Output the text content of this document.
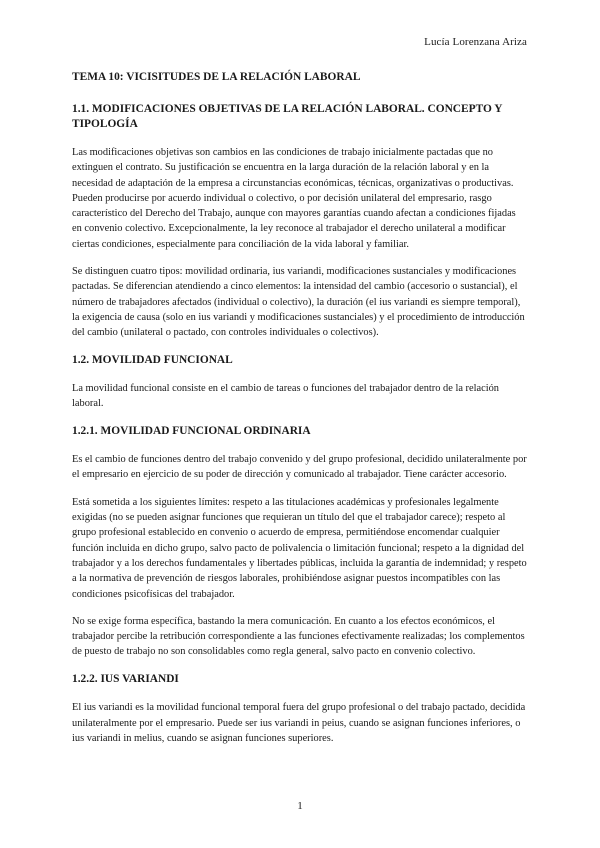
Lucía Lorenzana Ariza
TEMA 10: VICISITUDES DE LA RELACIÓN LABORAL
1.1. MODIFICACIONES OBJETIVAS DE LA RELACIÓN LABORAL. CONCEPTO Y TIPOLOGÍA

Las modificaciones objetivas son cambios en las condiciones de trabajo inicialmente pactadas que no extinguen el contrato. Su justificación se encuentra en la larga duración de la relación laboral y en la necesidad de adaptación de la empresa a circunstancias económicas, técnicas, organizativas o productivas. Pueden producirse por acuerdo individual o colectivo, o por decisión unilateral del empresario, rasgo característico del Derecho del Trabajo, aunque con mayores garantías cuando afectan a condiciones fijadas en convenio colectivo. Excepcionalmente, la ley reconoce al trabajador el derecho unilateral a modificar ciertas condiciones, especialmente para conciliación de la vida laboral y familiar.

Se distinguen cuatro tipos: movilidad ordinaria, ius variandi, modificaciones sustanciales y modificaciones pactadas. Se diferencian atendiendo a cinco elementos: la intensidad del cambio (accesorio o sustancial), el número de trabajadores afectados (individual o colectivo), la duración (el ius variandi es siempre temporal), la exigencia de causa (solo en ius variandi y modificaciones sustanciales) y el procedimiento de introducción del cambio (unilateral o pactado, con controles individuales o colectivos).

1.2. MOVILIDAD FUNCIONAL

La movilidad funcional consiste en el cambio de tareas o funciones del trabajador dentro de la relación laboral.

1.2.1. MOVILIDAD FUNCIONAL ORDINARIA

Es el cambio de funciones dentro del trabajo convenido y del grupo profesional, decidido unilateralmente por el empresario en ejercicio de su poder de dirección y comunicado al trabajador. Tiene carácter accesorio.

Está sometida a los siguientes límites: respeto a las titulaciones académicas y profesionales legalmente exigidas (no se pueden asignar funciones que requieran un título del que el trabajador carece); respeto al grupo profesional establecido en convenio o acuerdo de empresa, permitiéndose encomendar cualquier función incluida en dicho grupo, salvo pacto de polivalencia o limitación funcional; respeto a la dignidad del trabajador y a los derechos fundamentales y libertades públicas, incluida la garantía de indemnidad; y respeto a la normativa de prevención de riesgos laborales, prohibiéndose asignar puestos incompatibles con las condiciones psicofísicas del trabajador.

No se exige forma específica, bastando la mera comunicación. En cuanto a los efectos económicos, el trabajador percibe la retribución correspondiente a las funciones efectivamente realizadas; los complementos de puesto de trabajo no son consolidables como regla general, salvo pacto en convenio colectivo.

1.2.2. IUS VARIANDI

El ius variandi es la movilidad funcional temporal fuera del grupo profesional o del trabajo pactado, decidida unilateralmente por el empresario. Puede ser ius variandi in peius, cuando se asignan funciones inferiores, o ius variandi in melius, cuando se asignan funciones superiores.

1
